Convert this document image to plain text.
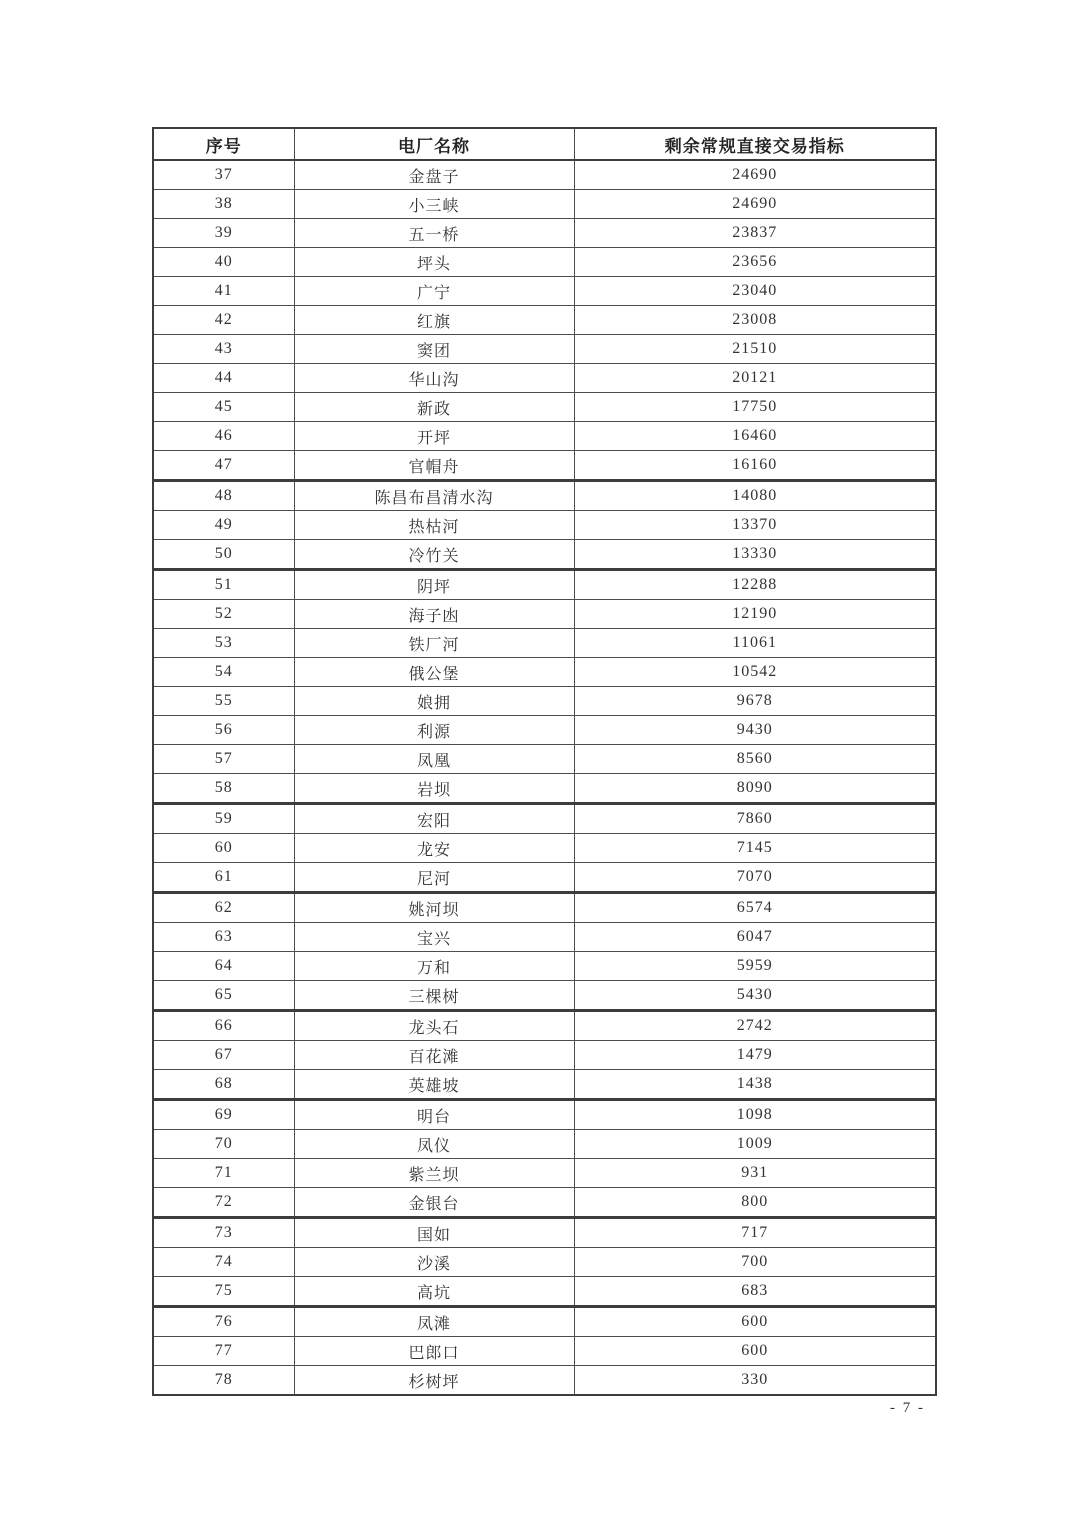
序号	电厂名称	剩余常规直接交易指标
37	金盘子	24690
38	小三峡	24690
39	五一桥	23837
40	坪头	23656
41	广宁	23040
42	红旗	23008
43	窦团	21510
44	华山沟	20121
45	新政	17750
46	开坪	16460
47	官帽舟	16160
48	陈昌布昌清水沟	14080
49	热枯河	13370
50	冷竹关	13330
51	阴坪	12288
52	海子凼	12190
53	铁厂河	11061
54	俄公堡	10542
55	娘拥	9678
56	利源	9430
57	凤凰	8560
58	岩坝	8090
59	宏阳	7860
60	龙安	7145
61	尼河	7070
62	姚河坝	6574
63	宝兴	6047
64	万和	5959
65	三棵树	5430
66	龙头石	2742
67	百花滩	1479
68	英雄坡	1438
69	明台	1098
70	凤仪	1009
71	紫兰坝	931
72	金银台	800
73	国如	717
74	沙溪	700
75	高坑	683
76	凤滩	600
77	巴郎口	600
78	杉树坪	330
- 7 -
